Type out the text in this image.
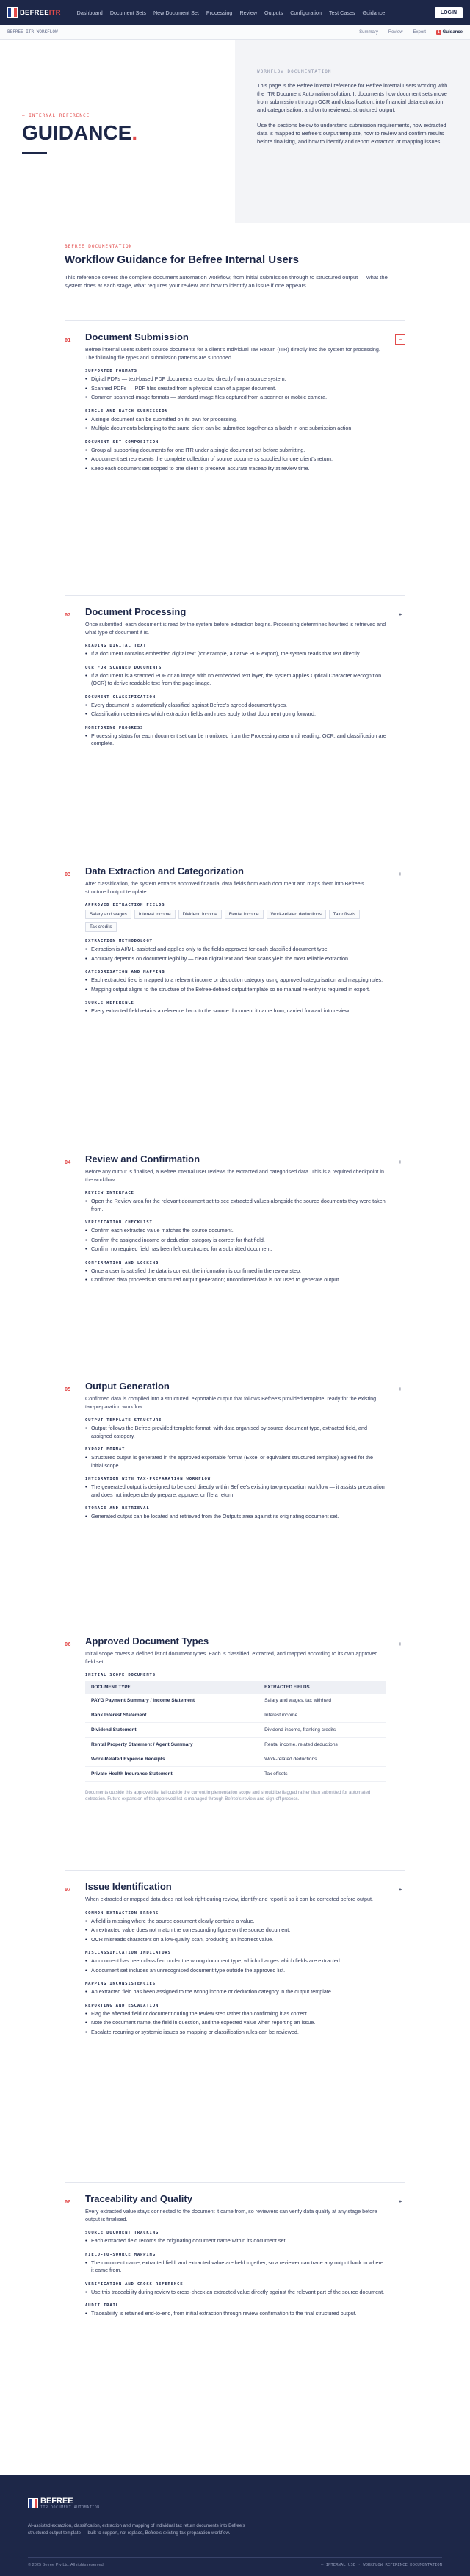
BEFREEITR	Dashboard Document Sets New Document Set Processing Review Outputs Configuration Test Cases Guidance	LOGIN
BEFREE ITR WORKFLOW	Summary Review Export	1 Guidance
— INTERNAL REFERENCE
GUIDANCE.
WORKFLOW DOCUMENTATION

This page is the Befree internal reference for Befree internal users working with the ITR Document Automation solution. It documents how document sets move from submission through OCR and classification, into financial data extraction and categorisation, and on to reviewed, structured output.

Use the sections below to understand submission requirements, how extracted data is mapped to Befree's output template, how to review and confirm results before finalising, and how to identify and report extraction or mapping issues.

BEFREE DOCUMENTATION
Workflow Guidance for Befree Internal Users

This reference covers the complete document automation workflow, from initial submission through to structured output — what the system does at each stage, what requires your review, and how to identify an issue if one appears.

01	−
Document Submission
Befree internal users submit source documents for a client's Individual Tax Return (ITR) directly into the system for processing. The following file types and submission patterns are supported.
SUPPORTED FORMATS
• Digital PDFs — text-based PDF documents exported directly from a source system.
• Scanned PDFs — PDF files created from a physical scan of a paper document.
• Common scanned-image formats — standard image files captured from a scanner or mobile camera.
SINGLE AND BATCH SUBMISSION
• A single document can be submitted on its own for processing.
• Multiple documents belonging to the same client can be submitted together as a batch in one submission action.
DOCUMENT SET COMPOSITION
• Group all supporting documents for one ITR under a single document set before submitting.
• A document set represents the complete collection of source documents supplied for one client's return.
• Keep each document set scoped to one client to preserve accurate traceability at review time.
02	+
Document Processing
Once submitted, each document is read by the system before extraction begins. Processing determines how text is retrieved and what type of document it is.
READING DIGITAL TEXT
• If a document contains embedded digital text (for example, a native PDF export), the system reads that text directly.
OCR FOR SCANNED DOCUMENTS
• If a document is a scanned PDF or an image with no embedded text layer, the system applies Optical Character Recognition (OCR) to derive readable text from the page image.
DOCUMENT CLASSIFICATION
• Every document is automatically classified against Befree's agreed document types.
• Classification determines which extraction fields and rules apply to that document going forward.
MONITORING PROGRESS
• Processing status for each document set can be monitored from the Processing area until reading, OCR, and classification are complete.
03	+
Data Extraction and Categorization
After classification, the system extracts approved financial data fields from each document and maps them into Befree's structured output template.
APPROVED EXTRACTION FIELDS
Salary and wages	Interest income	Dividend income	Rental income	Work-related deductions	Tax offsets
Tax credits
EXTRACTION METHODOLOGY
• Extraction is AI/ML-assisted and applies only to the fields approved for each classified document type.
• Accuracy depends on document legibility — clean digital text and clear scans yield the most reliable extraction.
CATEGORISATION AND MAPPING
• Each extracted field is mapped to a relevant income or deduction category using approved categorisation and mapping rules.
• Mapping output aligns to the structure of the Befree-defined output template so no manual re-entry is required in export.
SOURCE REFERENCE
• Every extracted field retains a reference back to the source document it came from, carried forward into review.
04	+
Review and Confirmation
Before any output is finalised, a Befree internal user reviews the extracted and categorised data. This is a required checkpoint in the workflow.
REVIEW INTERFACE
• Open the Review area for the relevant document set to see extracted values alongside the source documents they were taken from.
VERIFICATION CHECKLIST
• Confirm each extracted value matches the source document.
• Confirm the assigned income or deduction category is correct for that field.
• Confirm no required field has been left unextracted for a submitted document.
CONFIRMATION AND LOCKING
• Once a user is satisfied the data is correct, the information is confirmed in the review step.
• Confirmed data proceeds to structured output generation; unconfirmed data is not used to generate output.
05	+
Output Generation
Confirmed data is compiled into a structured, exportable output that follows Befree's provided template, ready for the existing tax-preparation workflow.
OUTPUT TEMPLATE STRUCTURE
• Output follows the Befree-provided template format, with data organised by source document type, extracted field, and assigned category.
EXPORT FORMAT
• Structured output is generated in the approved exportable format (Excel or equivalent structured template) agreed for the initial scope.
INTEGRATION WITH TAX-PREPARATION WORKFLOW
• The generated output is designed to be used directly within Befree's existing tax-preparation workflow — it assists preparation and does not independently prepare, approve, or file a return.
STORAGE AND RETRIEVAL
• Generated output can be located and retrieved from the Outputs area against its originating document set.
06	+
Approved Document Types
Initial scope covers a defined list of document types. Each is classified, extracted, and mapped according to its own approved field set.
INITIAL SCOPE DOCUMENTS
DOCUMENT TYPE	EXTRACTED FIELDS
PAYG Payment Summary / Income Statement	Salary and wages, tax withheld
Bank Interest Statement	Interest income
Dividend Statement	Dividend income, franking credits
Rental Property Statement / Agent Summary	Rental income, related deductions
Work-Related Expense Receipts	Work-related deductions
Private Health Insurance Statement	Tax offsets
Documents outside this approved list fall outside the current implementation scope and should be flagged rather than submitted for automated extraction. Future expansion of the approved list is managed through Befree's review and sign-off process.
07	+
Issue Identification
When extracted or mapped data does not look right during review, identify and report it so it can be corrected before output.
COMMON EXTRACTION ERRORS
• A field is missing where the source document clearly contains a value.
• An extracted value does not match the corresponding figure on the source document.
• OCR misreads characters on a low-quality scan, producing an incorrect value.
MISCLASSIFICATION INDICATORS
• A document has been classified under the wrong document type, which changes which fields are extracted.
• A document set includes an unrecognised document type outside the approved list.
MAPPING INCONSISTENCIES
• An extracted field has been assigned to the wrong income or deduction category in the output template.
REPORTING AND ESCALATION
• Flag the affected field or document during the review step rather than confirming it as correct.
• Note the document name, the field in question, and the expected value when reporting an issue.
• Escalate recurring or systemic issues so mapping or classification rules can be reviewed.
08	+
Traceability and Quality
Every extracted value stays connected to the document it came from, so reviewers can verify data quality at any stage before output is finalised.
SOURCE DOCUMENT TRACKING
• Each extracted field records the originating document name within its document set.
FIELD-TO-SOURCE MAPPING
• The document name, extracted field, and extracted value are held together, so a reviewer can trace any output back to where it came from.
VERIFICATION AND CROSS-REFERENCE
• Use this traceability during review to cross-check an extracted value directly against the relevant part of the source document.
AUDIT TRAIL
• Traceability is retained end-to-end, from initial extraction through review confirmation to the final structured output.
BEFREE
ITR DOCUMENT AUTOMATION
AI-assisted extraction, classification, extraction and mapping of individual tax return documents into Befree's structured output template — built to support, not replace, Befree's existing tax-preparation workflow.
© 2025 Befree Pty Ltd. All rights reserved.	— INTERNAL USE · WORKFLOW REFERENCE DOCUMENTATION
